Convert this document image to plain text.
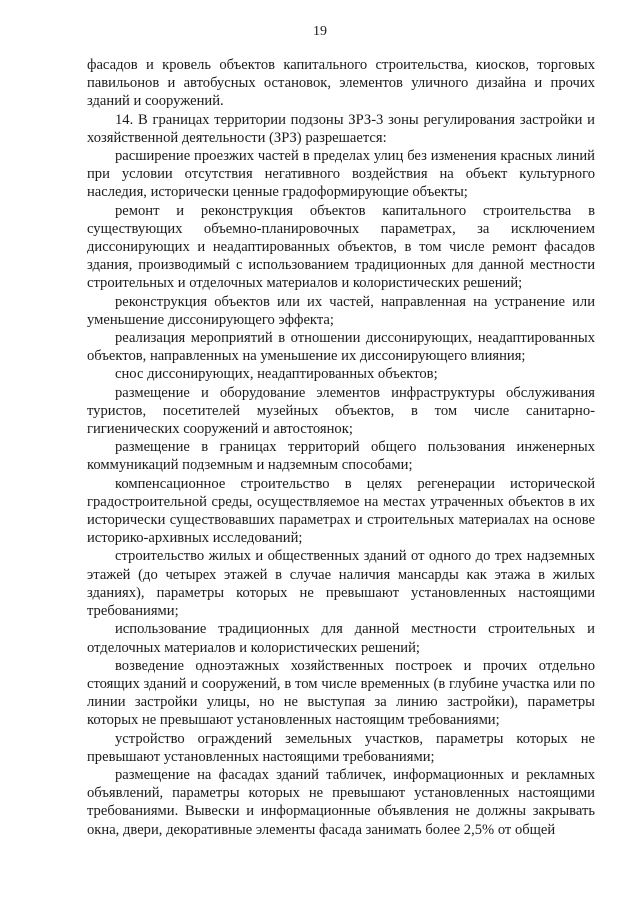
19

фасадов и кровель объектов капитального строительства, киосков, торговых павильонов и автобусных остановок, элементов уличного дизайна и прочих зданий и сооружений.

14. В границах территории подзоны ЗРЗ-3 зоны регулирования застройки и хозяйственной деятельности (ЗРЗ) разрешается:

расширение проезжих частей в пределах улиц без изменения красных линий при условии отсутствия негативного воздействия на объект культурного наследия, исторически ценные градоформирующие объекты;

ремонт и реконструкция объектов капитального строительства в существующих объемно-планировочных параметрах, за исключением диссонирующих и неадаптированных объектов, в том числе ремонт фасадов здания, производимый с использованием традиционных для данной местности строительных и отделочных материалов и колористических решений;

реконструкция объектов или их частей, направленная на устранение или уменьшение диссонирующего эффекта;

реализация мероприятий в отношении диссонирующих, неадаптированных объектов, направленных на уменьшение их диссонирующего влияния;

снос диссонирующих, неадаптированных объектов;

размещение и оборудование элементов инфраструктуры обслуживания туристов, посетителей музейных объектов, в том числе санитарно-гигиенических сооружений и автостоянок;

размещение в границах территорий общего пользования инженерных коммуникаций подземным и надземным способами;

компенсационное строительство в целях регенерации исторической градостроительной среды, осуществляемое на местах утраченных объектов в их исторически существовавших параметрах и строительных материалах на основе историко-архивных исследований;

строительство жилых и общественных зданий от одного до трех надземных этажей (до четырех этажей в случае наличия мансарды как этажа в жилых зданиях), параметры которых не превышают установленных настоящими требованиями;

использование традиционных для данной местности строительных и отделочных материалов и колористических решений;

возведение одноэтажных хозяйственных построек и прочих отдельно стоящих зданий и сооружений, в том числе временных (в глубине участка или по линии застройки улицы, но не выступая за линию застройки), параметры которых не превышают установленных настоящим требованиями;

устройство ограждений земельных участков, параметры которых не превышают установленных настоящими требованиями;

размещение на фасадах зданий табличек, информационных и рекламных объявлений, параметры которых не превышают установленных настоящими требованиями. Вывески и информационные объявления не должны закрывать окна, двери, декоративные элементы фасада занимать более 2,5% от общей
